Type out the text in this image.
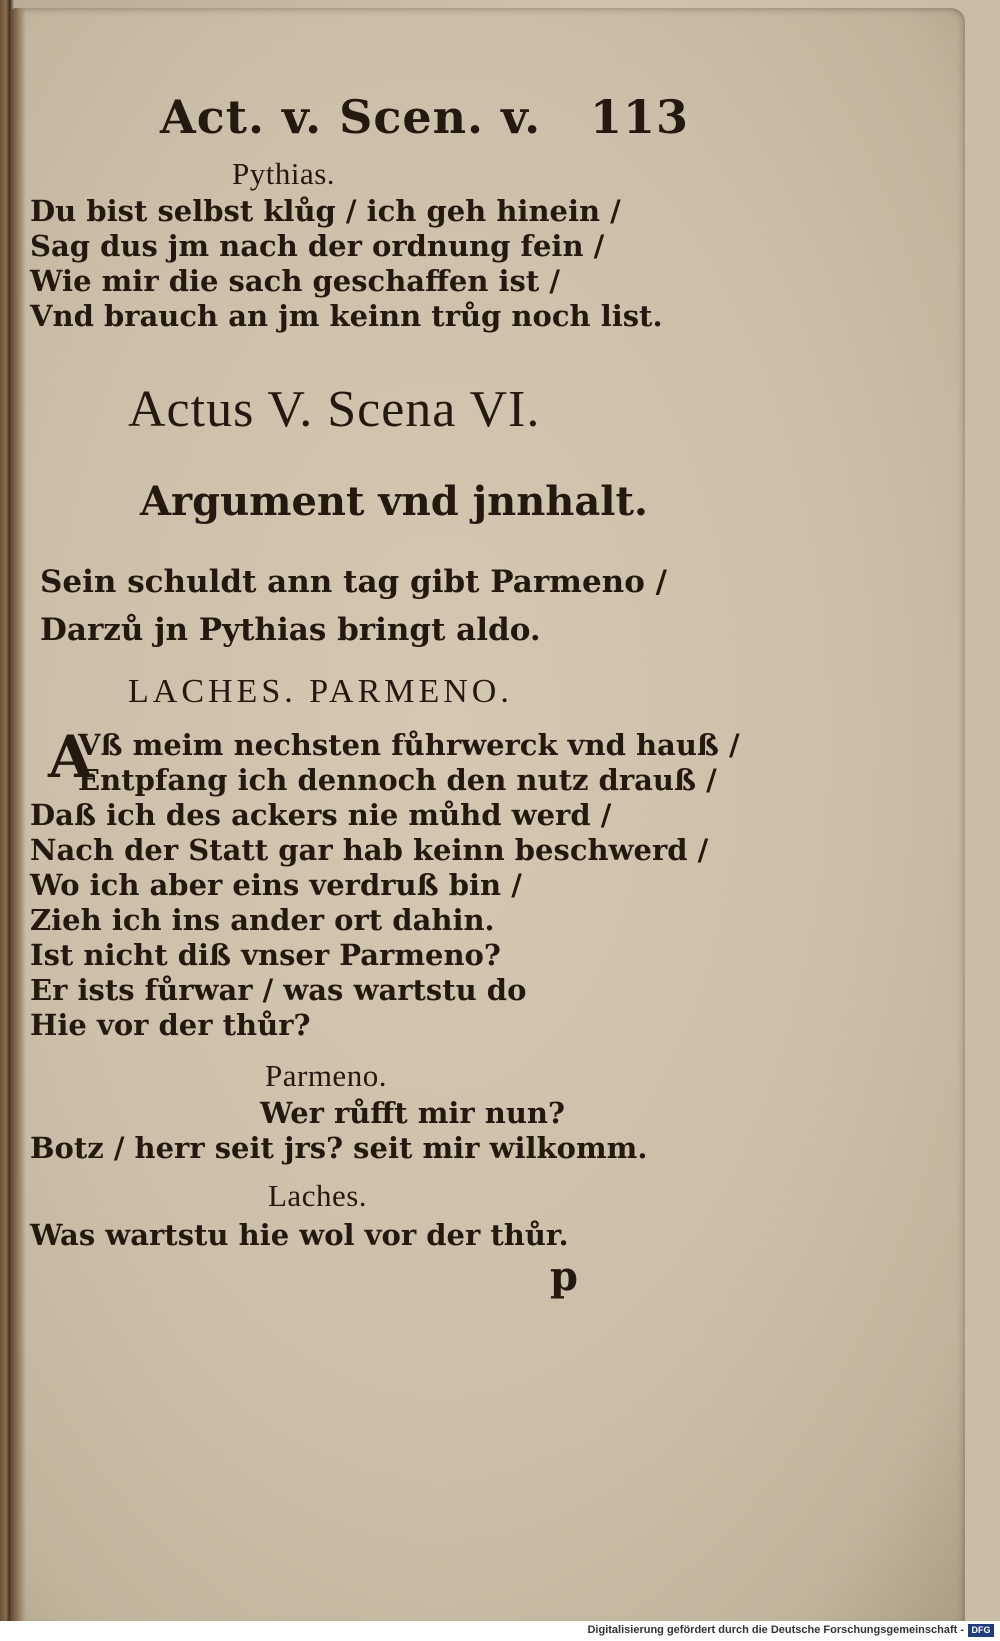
Act. v. Scen. v. 113
Pythias.
Du bist selbst klůg / ich geh hinein /
Sag dus jm nach der ordnung fein /
Wie mir die sach geschaffen ist /
Vnd brauch an jm keinn trůg noch list.
Actus V. Scena VI.
Argument vnd jnnhalt.
Sein schuldt ann tag gibt Parmeno /
Darzů jn Pythias bringt aldo.
LACHES. PARMENO.
A
Vß meim nechsten fůhrwerck vnd hauß /
Entpfang ich dennoch den nutz drauß /
Daß ich des ackers nie můhd werd /
Nach der Statt gar hab keinn beschwerd /
Wo ich aber eins verdruß bin /
Zieh ich ins ander ort dahin.
Ist nicht diß vnser Parmeno?
Er ists fůrwar / was wartstu do
Hie vor der thůr?
Parmeno.
Wer růfft mir nun?
Botz / herr seit jrs? seit mir wilkomm.
Laches.
Was wartstu hie wol vor der thůr.
p
Digitalisierung gefördert durch die Deutsche Forschungsgemeinschaft - DFG
